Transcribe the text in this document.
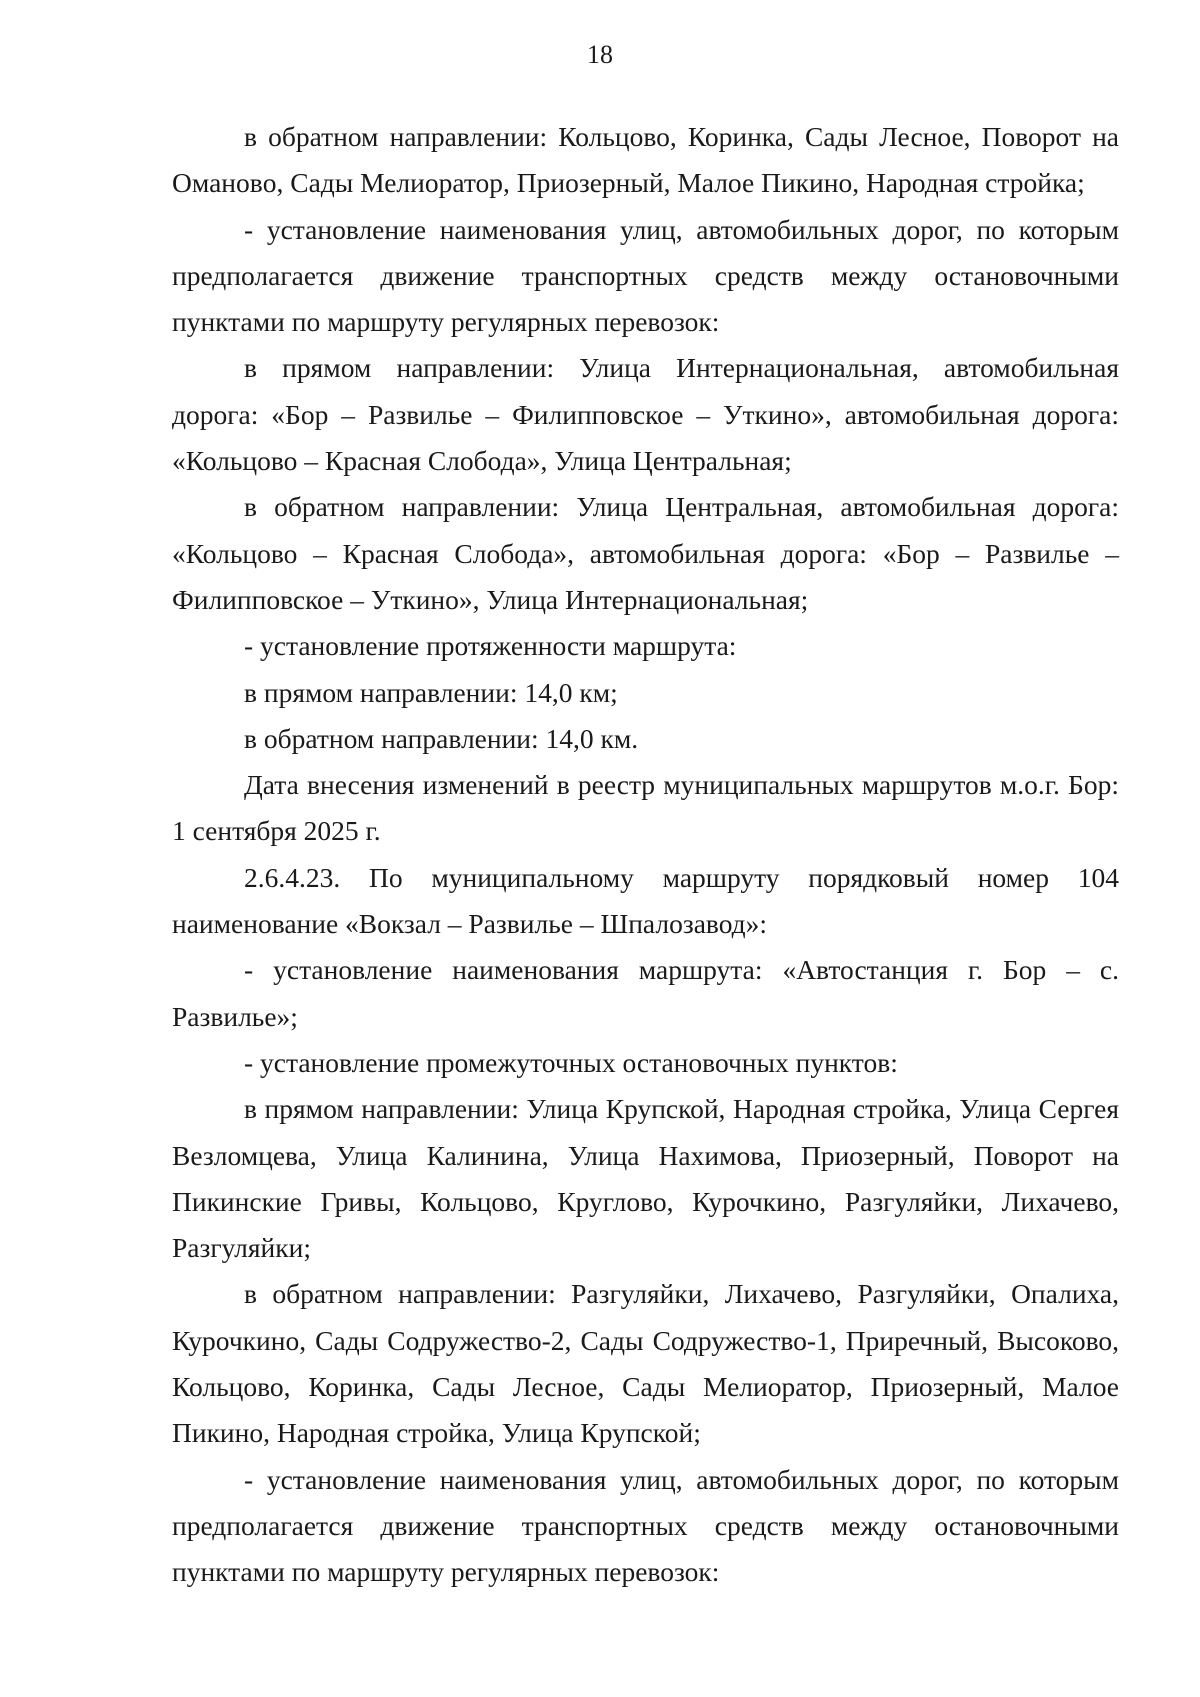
18

в обратном направлении: Кольцово, Коринка, Сады Лесное, Поворот на Омановo, Сады Мелиоратор, Приозерный, Малое Пикино, Народная стройка;

- установление наименования улиц, автомобильных дорог, по которым предполагается движение транспортных средств между остановочными пунктами по маршруту регулярных перевозок:

в прямом направлении: Улица Интернациональная, автомобильная дорога: «Бор – Развилье – Филипповское – Уткино», автомобильная дорога: «Кольцово – Красная Слобода», Улица Центральная;

в обратном направлении: Улица Центральная, автомобильная дорога: «Кольцово – Красная Слобода», автомобильная дорога: «Бор – Развилье – Филипповское – Уткино», Улица Интернациональная;

- установление протяженности маршрута:

в прямом направлении: 14,0 км;

в обратном направлении: 14,0 км.

Дата внесения изменений в реестр муниципальных маршрутов м.о.г. Бор: 1 сентября 2025 г.

2.6.4.23. По муниципальному маршруту порядковый номер 104 наименование «Вокзал – Развилье – Шпалозавод»:

- установление наименования маршрута: «Автостанция г. Бор – с. Развилье»;

- установление промежуточных остановочных пунктов:

в прямом направлении: Улица Крупской, Народная стройка, Улица Сергея Везломцева, Улица Калинина, Улица Нахимова, Приозерный, Поворот на Пикинские Гривы, Кольцово, Круглово, Курочкино, Разгуляйки, Лихачево, Разгуляйки;

в обратном направлении: Разгуляйки, Лихачево, Разгуляйки, Опалиха, Курочкино, Сады Содружество-2, Сады Содружество-1, Приречный, Высоково, Кольцово, Коринка, Сады Лесное, Сады Мелиоратор, Приозерный, Малое Пикино, Народная стройка, Улица Крупской;

- установление наименования улиц, автомобильных дорог, по которым предполагается движение транспортных средств между остановочными пунктами по маршруту регулярных перевозок:
